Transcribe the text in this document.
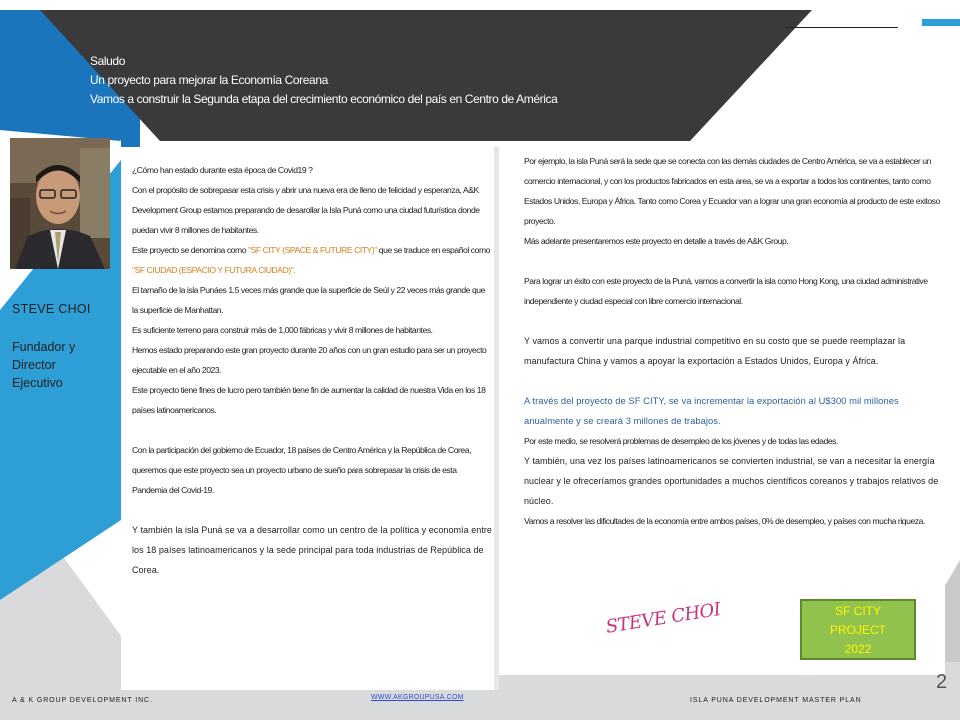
Saludo
Un proyecto para mejorar la Economía Coreana
Vamos a construir la Segunda etapa del crecimiento económico del país en Centro de América
STEVE CHOI
Fundador y
Director
Ejecutivo

¿Cómo han estado durante esta época de Covid19 ?

Con el propósito de sobrepasar esta crisis y abrir una nueva era de lleno de felicidad y esperanza, A&K Development Group estamos preparando de desarollar la Isla Puná como una ciudad futurística donde puedan vivir 8 millones de habitantes.

Este proyecto se denomina como "SF CITY (SPACE & FUTURE CITY)" que se traduce en español como "SF CIUDAD (ESPACIO Y FUTURA CIUDAD)".

El tamaño de la isla Punáes 1.5 veces más grande que la superficie de Seúl y 22 veces más grande que la superficie de Manhattan.

Es suficiente terreno para construir más de 1,000 fábricas y vivir 8 millones de habitantes.

Hemos estado preparando este gran proyecto durante 20 años con un gran estudio para ser un proyecto ejecutable en el año 2023.

Este proyecto tiene fines de lucro pero también tiene fin de aumentar la calidad de nuestra Vida en los 18 países latinoamericanos.

Con la participación del gobierno de Ecuador, 18 países de Centro América y la República de Corea, queremos que este proyecto sea un proyecto urbano de sueño para sobrepasar la crisis de esta Pandemia del Covid-19.

Y también la isla Puná se va a desarrollar como un centro de la política y economía entre los 18 países latinoamericanos y la sede principal para toda industrias de República de Corea.

Por ejemplo, la isla Puná será la sede que se conecta con las demás ciudades de Centro América, se va a establecer un comercio internacional, y con los productos fabricados en esta area, se va a exportar a todos los continentes, tanto como Estados Unidos, Europa y África. Tanto como Corea y Ecuador van a lograr una gran economía al producto de este exitoso proyecto.

Más adelante presentaremos este proyecto en detalle a través de A&K Group.

Para lograr un éxito con este proyecto de la Puná, vamos a convertir la isla como Hong Kong, una ciudad administrative independiente y ciudad especial con libre comercio internacional.

Y vamos a convertir una parque industrial competitivo en su costo que se puede reemplazar la manufactura China y vamos a apoyar la exportación a Estados Unidos, Europa y África.

A través del proyecto de SF CITY, se va incrementar la exportación al U$300 mil millones anualmente y se creará 3 millones de trabajos.

Por este medio, se resolverá problemas de desempleo de los jóvenes y de todas las edades.

Y también, una vez los países latinoamericanos se convierten industrial, se van a necesitar la energía nuclear y le ofreceríamos grandes oportunidades a muchos científicos coreanos y trabajos relativos de núcleo.

Vamos a resolver las dificultades de la economía entre ambos países, 0% de desempleo, y países con mucha riqueza.

STEVE CHOI	SF CITY
PROJECT
2022
2
A & K GROUP DEVELOPMENT INC.	WWW.AKGROUPUSA.COM	ISLA PUNA DEVELOPMENT MASTER PLAN
